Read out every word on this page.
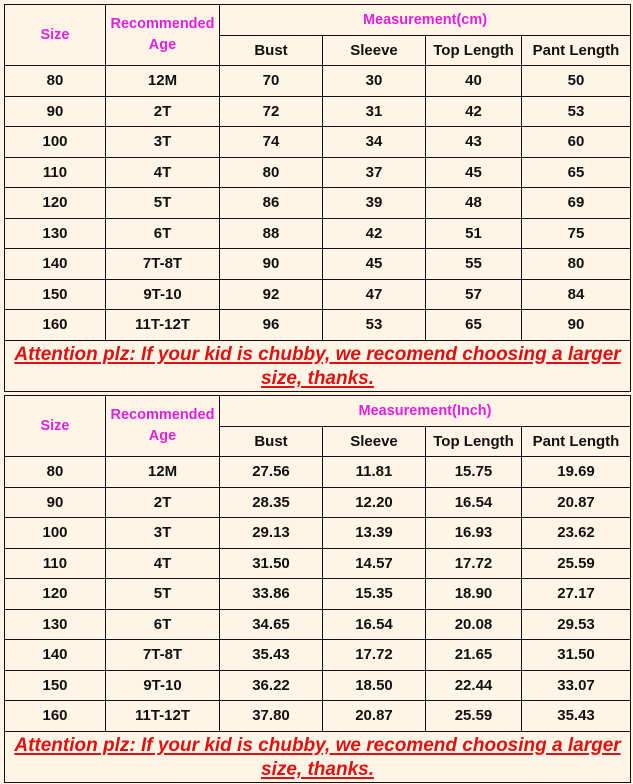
Size	Recommended Age	Measurement(cm)			
		Bust	Sleeve	Top Length	Pant Length
80	12M	70	30	40	50
90	2T	72	31	42	53
100	3T	74	34	43	60
110	4T	80	37	45	65
120	5T	86	39	48	69
130	6T	88	42	51	75
140	7T-8T	90	45	55	80
150	9T-10	92	47	57	84
160	11T-12T	96	53	65	90
Attention plz: If your kid is chubby, we recomend choosing a larger size, thanks.					
Size	Recommended Age	Measurement(Inch)			
		Bust	Sleeve	Top Length	Pant Length
80	12M	27.56	11.81	15.75	19.69
90	2T	28.35	12.20	16.54	20.87
100	3T	29.13	13.39	16.93	23.62
110	4T	31.50	14.57	17.72	25.59
120	5T	33.86	15.35	18.90	27.17
130	6T	34.65	16.54	20.08	29.53
140	7T-8T	35.43	17.72	21.65	31.50
150	9T-10	36.22	18.50	22.44	33.07
160	11T-12T	37.80	20.87	25.59	35.43
Attention plz: If your kid is chubby, we recomend choosing a larger size, thanks.					
